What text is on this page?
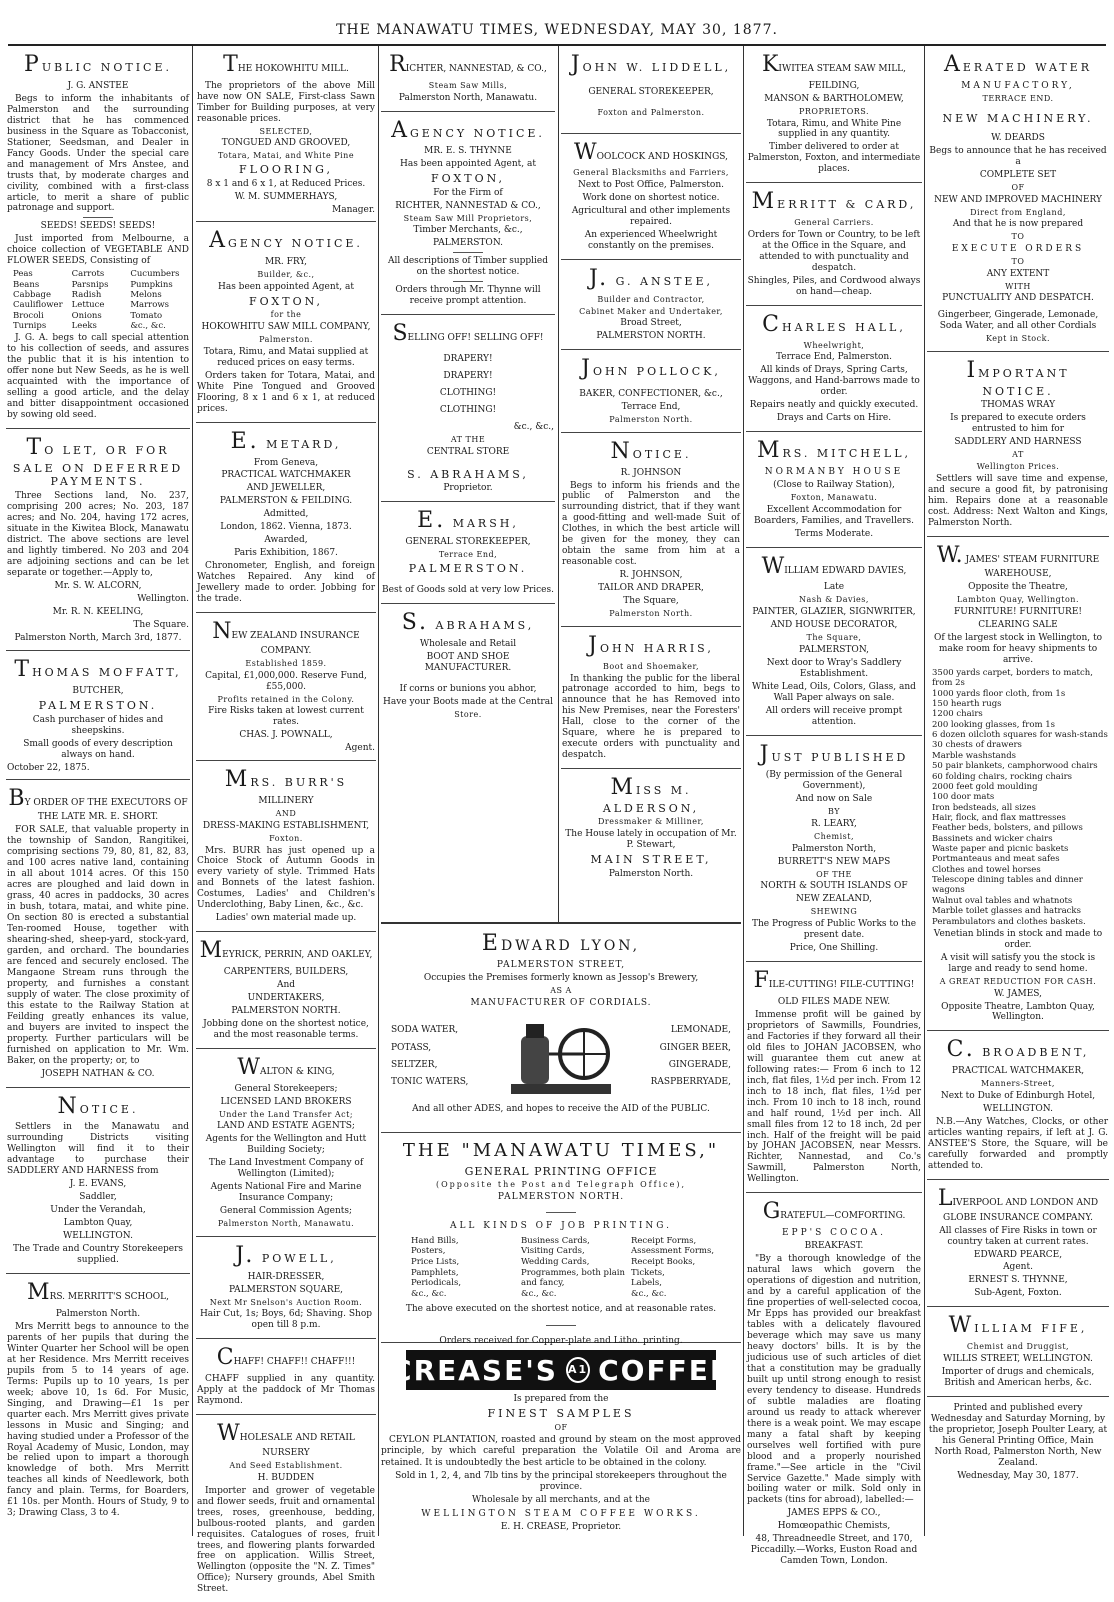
THE MANAWATU TIMES, WEDNESDAY, MAY 30, 1877.
PUBLIC NOTICE.
J. G. ANSTEE

Begs to inform the inhabitants of Palmerston and the surrounding district that he has commenced business in the Square as Tobacconist, Stationer, Seedsman, and Dealer in Fancy Goods. Under the special care and management of Mrs Anstee, and trusts that, by moderate charges and civility, combined with a first-class article, to merit a share of public patronage and support.

SEEDS! SEEDS! SEEDS!

Just imported from Melbourne, a choice collection of VEGETABLE AND FLOWER SEEDS, Consisting of

Peas	Carrots	Cucumbers
Beans	Parsnips	Pumpkins
Cabbage	Radish	Melons
Cauliflower	Lettuce	Marrows
Brocoli	Onions	Tomato
Turnips	Leeks	&c., &c.

J. G. A. begs to call special attention to his collection of seeds, and assures the public that it is his intention to offer none but New Seeds, as he is well acquainted with the importance of selling a good article, and the delay and bitter disappointment occasioned by sowing old seed.

TO LET, OR FOR SALE ON DEFERRED PAYMENTS.

Three Sections land, No. 237, comprising 200 acres; No. 203, 187 acres; and No. 204, having 172 acres, situate in the Kiwitea Block, Manawatu district. The above sections are level and lightly timbered. No 203 and 204 are adjoining sections and can be let separate or together.—Apply to,

Mr. S. W. ALCORN,
Wellington.
Mr. R. N. KEELING,
The Square.
Palmerston North, March 3rd, 1877.
THOMAS MOFFATT,
BUTCHER,
PALMERSTON.
Cash purchaser of hides and sheepskins.
Small goods of every description always on hand.
October 22, 1875.
BY ORDER OF THE EXECUTORS OF THE LATE MR. E. SHORT.

FOR SALE, that valuable property in the township of Sandon, Rangitikei, comprising sections 79, 80, 81, 82, 83, and 100 acres native land, containing in all about 1014 acres. Of this 150 acres are ploughed and laid down in grass, 40 acres in paddocks, 30 acres in bush, totara, matai, and white pine. On section 80 is erected a substantial Ten-roomed House, together with shearing-shed, sheep-yard, stock-yard, garden, and orchard. The boundaries are fenced and securely enclosed. The Mangaone Stream runs through the property, and furnishes a constant supply of water. The close proximity of this estate to the Railway Station at Feilding greatly enhances its value, and buyers are invited to inspect the property. Further particulars will be furnished on application to Mr. Wm. Baker, on the property; or, to

JOSEPH NATHAN & CO.
NOTICE.

Settlers in the Manawatu and surrounding Districts visiting Wellington will find it to their advantage to purchase their SADDLERY AND HARNESS from

J. E. EVANS,
Saddler,
Under the Verandah,
Lambton Quay,
WELLINGTON.
The Trade and Country Storekeepers supplied.
MRS. MERRITT'S SCHOOL,
Palmerston North.

Mrs Merritt begs to announce to the parents of her pupils that during the Winter Quarter her School will be open at her Residence. Mrs Merritt receives pupils from 5 to 14 years of age. Terms: Pupils up to 10 years, 1s per week; above 10, 1s 6d. For Music, Singing, and Drawing—£1 1s per quarter each. Mrs Merritt gives private lessons in Music and Singing; and having studied under a Professor of the Royal Academy of Music, London, may be relied upon to impart a thorough knowledge of both. Mrs Merritt teaches all kinds of Needlework, both fancy and plain. Terms, for Boarders, £1 10s. per Month. Hours of Study, 9 to 3; Drawing Class, 3 to 4.

THE HOKOWHITU MILL.

The proprietors of the above Mill have now ON SALE, First-class Sawn Timber for Building purposes, at very reasonable prices.

SELECTED,
TONGUED AND GROOVED,
Totara, Matai, and White Pine
FLOORING,
8 x 1 and 6 x 1, at Reduced Prices.
W. M. SUMMERHAYS,
Manager.
AGENCY NOTICE.
MR. FRY,
Builder, &c.,
Has been appointed Agent, at
FOXTON,
for the
HOKOWHITU SAW MILL COMPANY,
Palmerston.
Totara, Rimu, and Matai supplied at reduced prices on easy terms.

Orders taken for Totara, Matai, and White Pine Tongued and Grooved Flooring, 8 x 1 and 6 x 1, at reduced prices.

E. METARD,
From Geneva,
PRACTICAL WATCHMAKER
AND JEWELLER,
PALMERSTON & FEILDING.
Admitted,
London, 1862. Vienna, 1873.
Awarded,
Paris Exhibition, 1867.

Chronometer, English, and foreign Watches Repaired. Any kind of Jewellery made to order. Jobbing for the trade.

NEW ZEALAND INSURANCE COMPANY.
Established 1859.
Capital, £1,000,000. Reserve Fund, £55,000.
Profits retained in the Colony.
Fire Risks taken at lowest current rates.
CHAS. J. POWNALL,
Agent.
MRS. BURR'S
MILLINERY
AND
DRESS-MAKING ESTABLISHMENT,
Foxton.

Mrs. BURR has just opened up a Choice Stock of Autumn Goods in every variety of style. Trimmed Hats and Bonnets of the latest fashion. Costumes, Ladies' and Children's Underclothing, Baby Linen, &c., &c.

Ladies' own material made up.
MEYRICK, PERRIN, AND OAKLEY,
CARPENTERS, BUILDERS,
And
UNDERTAKERS,
PALMERSTON NORTH.
Jobbing done on the shortest notice, and the most reasonable terms.
WALTON & KING,
General Storekeepers;
LICENSED LAND BROKERS
Under the Land Transfer Act;
LAND AND ESTATE AGENTS;
Agents for the Wellington and Hutt Building Society;
The Land Investment Company of Wellington (Limited);
Agents National Fire and Marine Insurance Company;
General Commission Agents;
Palmerston North, Manawatu.
J. POWELL,
HAIR-DRESSER,
PALMERSTON SQUARE,
Next Mr Snelson's Auction Room.
Hair Cut, 1s; Boys, 6d; Shaving. Shop open till 8 p.m.
CHAFF! CHAFF!! CHAFF!!!

CHAFF supplied in any quantity. Apply at the paddock of Mr Thomas Raymond.

WHOLESALE AND RETAIL NURSERY
And Seed Establishment.
H. BUDDEN

Importer and grower of vegetable and flower seeds, fruit and ornamental trees, roses, greenhouse, bedding, bulbous-rooted plants, and garden requisites. Catalogues of roses, fruit trees, and flowering plants forwarded free on application. Willis Street, Wellington (opposite the "N. Z. Times" Office); Nursery grounds, Abel Smith Street.

RICHTER, NANNESTAD, & CO.,
Steam Saw Mills,
Palmerston North, Manawatu.
AGENCY NOTICE.
MR. E. S. THYNNE
Has been appointed Agent, at
FOXTON,
For the Firm of
RICHTER, NANNESTAD & CO.,
Steam Saw Mill Proprietors,
Timber Merchants, &c.,
PALMERSTON.
All descriptions of Timber supplied on the shortest notice.
Orders through Mr. Thynne will receive prompt attention.
SELLING OFF! SELLING OFF!
DRAPERY!
DRAPERY!
CLOTHING!
CLOTHING!
&c., &c.,
AT THE
CENTRAL STORE
S. ABRAHAMS,
Proprietor.
E. MARSH,
GENERAL STOREKEEPER,
Terrace End,
PALMERSTON.
Best of Goods sold at very low Prices.
S. ABRAHAMS,
Wholesale and Retail
BOOT AND SHOE MANUFACTURER.
If corns or bunions you abhor,
Have your Boots made at the Central
Store.
JOHN W. LIDDELL,
GENERAL STOREKEEPER,
Foxton and Palmerston.
WOOLCOCK AND HOSKINGS,
General Blacksmiths and Farriers,
Next to Post Office, Palmerston.
Work done on shortest notice.
Agricultural and other implements repaired.
An experienced Wheelwright constantly on the premises.
J. G. ANSTEE,
Builder and Contractor,
Cabinet Maker and Undertaker,
Broad Street,
PALMERSTON NORTH.
JOHN POLLOCK,
BAKER, CONFECTIONER, &c.,
Terrace End,
Palmerston North.
NOTICE.
R. JOHNSON

Begs to inform his friends and the public of Palmerston and the surrounding district, that if they want a good-fitting and well-made Suit of Clothes, in which the best article will be given for the money, they can obtain the same from him at a reasonable cost.

R. JOHNSON,
TAILOR AND DRAPER,
The Square,
Palmerston North.
JOHN HARRIS,
Boot and Shoemaker,

In thanking the public for the liberal patronage accorded to him, begs to announce that he has Removed into his New Premises, near the Foresters' Hall, close to the corner of the Square, where he is prepared to execute orders with punctuality and despatch.

MISS M. ALDERSON,
Dressmaker & Milliner,
The House lately in occupation of Mr. P. Stewart,
MAIN STREET,
Palmerston North.
EDWARD LYON,
PALMERSTON STREET,
Occupies the Premises formerly known as Jessop's Brewery,
AS A
MANUFACTURER OF CORDIALS.
SODA WATER,
POTASS,
SELTZER,
TONIC WATERS,
LEMONADE,
GINGER BEER,
GINGERADE,
RASPBERRYADE,
And all other ADES, and hopes to receive the AID of the PUBLIC.
THE "MANAWATU TIMES,"
GENERAL PRINTING OFFICE
(Opposite the Post and Telegraph Office),
PALMERSTON NORTH.
ALL KINDS OF JOB PRINTING.
Hand Bills,	Business Cards,	Receipt Forms,
Posters,	Visiting Cards,	Assessment Forms,
Price Lists,	Wedding Cards,	Receipt Books,
Pamphlets,	Programmes, both plain Tickets,
Periodicals,	and fancy,	Labels,
&c., &c.	&c., &c.	&c., &c.
The above executed on the shortest notice, and at reasonable rates.
Orders received for Copper-plate and Litho. printing.
CREASE'S A1 COFFEE
Is prepared from the
FINEST SAMPLES
OF

CEYLON PLANTATION, roasted and ground by steam on the most approved principle, by which careful preparation the Volatile Oil and Aroma are retained. It is undoubtedly the best article to be obtained in the colony.

Sold in 1, 2, 4, and 7lb tins by the principal storekeepers throughout the province.
Wholesale by all merchants, and at the
WELLINGTON STEAM COFFEE WORKS.
E. H. CREASE, Proprietor.
KIWITEA STEAM SAW MILL,
FEILDING,
MANSON & BARTHOLOMEW,
PROPRIETORS.
Totara, Rimu, and White Pine supplied in any quantity.
Timber delivered to order at Palmerston, Foxton, and intermediate places.
MERRITT & CARD,
General Carriers.
Orders for Town or Country, to be left at the Office in the Square, and attended to with punctuality and despatch.
Shingles, Piles, and Cordwood always on hand—cheap.
CHARLES HALL,
Wheelwright,
Terrace End, Palmerston.
All kinds of Drays, Spring Carts, Waggons, and Hand-barrows made to order.
Repairs neatly and quickly executed.
Drays and Carts on Hire.
MRS. MITCHELL,
NORMANBY HOUSE
(Close to Railway Station),
Foxton, Manawatu.
Excellent Accommodation for Boarders, Families, and Travellers.
Terms Moderate.
WILLIAM EDWARD DAVIES,
Late
Nash & Davies,
PAINTER, GLAZIER, SIGNWRITER,
AND HOUSE DECORATOR,
The Square,
PALMERSTON,
Next door to Wray's Saddlery Establishment.
White Lead, Oils, Colors, Glass, and Wall Paper always on sale.
All orders will receive prompt attention.
JUST PUBLISHED
(By permission of the General Government),
And now on Sale
BY
R. LEARY,
Chemist,
Palmerston North,
BURRETT'S NEW MAPS
OF THE
NORTH & SOUTH ISLANDS OF
NEW ZEALAND,
SHEWING
The Progress of Public Works to the present date.
Price, One Shilling.
FILE-CUTTING! FILE-CUTTING!
OLD FILES MADE NEW.

Immense profit will be gained by proprietors of Sawmills, Foundries, and Factories if they forward all their old files to JOHAN JACOBSEN, who will guarantee them cut anew at following rates:— From 6 inch to 12 inch, flat files, 1½d per inch. From 12 inch to 18 inch, flat files, 1½d per inch. From 10 inch to 18 inch, round and half round, 1½d per inch. All small files from 12 to 18 inch, 2d per inch. Half of the freight will be paid by JOHAN JACOBSEN, near Messrs. Richter, Nannestad, and Co.'s Sawmill, Palmerston North, Wellington.

GRATEFUL—COMFORTING.
EPP'S COCOA.
BREAKFAST.

"By a thorough knowledge of the natural laws which govern the operations of digestion and nutrition, and by a careful application of the fine properties of well-selected cocoa, Mr Epps has provided our breakfast tables with a delicately flavoured beverage which may save us many heavy doctors' bills. It is by the judicious use of such articles of diet that a constitution may be gradually built up until strong enough to resist every tendency to disease. Hundreds of subtle maladies are floating around us ready to attack wherever there is a weak point. We may escape many a fatal shaft by keeping ourselves well fortified with pure blood and a properly nourished frame."—See article in the "Civil Service Gazette." Made simply with boiling water or milk. Sold only in packets (tins for abroad), labelled:—

JAMES EPPS & CO.,
Homœopathic Chemists,
48, Threadneedle Street, and 170, Piccadilly.—Works, Euston Road and Camden Town, London.
AERATED WATER
MANUFACTORY,
TERRACE END.
NEW MACHINERY.
W. DEARDS
Begs to announce that he has received a
COMPLETE SET
OF
NEW AND IMPROVED MACHINERY
Direct from England,
And that he is now prepared
TO
EXECUTE ORDERS
TO
ANY EXTENT
WITH
PUNCTUALITY AND DESPATCH.
Gingerbeer, Gingerade, Lemonade, Soda Water, and all other Cordials
Kept in Stock.
IMPORTANT NOTICE.
THOMAS WRAY
Is prepared to execute orders entrusted to him for
SADDLERY AND HARNESS
AT
Wellington Prices.

Settlers will save time and expense, and secure a good fit, by patronising him. Repairs done at a reasonable cost. Address: Next Walton and Kings, Palmerston North.

W. JAMES' STEAM FURNITURE WAREHOUSE,
Opposite the Theatre,
Lambton Quay, Wellington.
FURNITURE! FURNITURE!
CLEARING SALE
Of the largest stock in Wellington, to make room for heavy shipments to arrive.
3500 yards carpet, borders to match, from 2s
1000 yards floor cloth, from 1s
150 hearth rugs
1200 chairs
200 looking glasses, from 1s
6 dozen oilcloth squares for wash-stands
30 chests of drawers
Marble washstands
50 pair blankets, camphorwood chairs
60 folding chairs, rocking chairs
2000 feet gold moulding
100 door mats
Iron bedsteads, all sizes
Hair, flock, and flax mattresses
Feather beds, bolsters, and pillows
Bassinets and wicker chairs
Waste paper and picnic baskets
Portmanteaus and meat safes
Clothes and towel horses
Telescope dining tables and dinner wagons
Walnut oval tables and whatnots
Marble toilet glasses and hatracks
Perambulators and clothes baskets.
Venetian blinds in stock and made to order.
A visit will satisfy you the stock is large and ready to send home.
A GREAT REDUCTION FOR CASH.
W. JAMES,
Opposite Theatre, Lambton Quay, Wellington.
C. BROADBENT,
PRACTICAL WATCHMAKER,
Manners-Street,
Next to Duke of Edinburgh Hotel,
WELLINGTON.

N.B.—Any Watches, Clocks, or other articles wanting repairs, if left at J. G. ANSTEE'S Store, the Square, will be carefully forwarded and promptly attended to.

LIVERPOOL AND LONDON AND GLOBE INSURANCE COMPANY.
All classes of Fire Risks in town or country taken at current rates.
EDWARD PEARCE,
Agent.
ERNEST S. THYNNE,
Sub-Agent, Foxton.
WILLIAM FIFE,
Chemist and Druggist,
WILLIS STREET, WELLINGTON.
Importer of drugs and chemicals, British and American herbs, &c.
Printed and published every Wednesday and Saturday Morning, by the proprietor, Joseph Poulter Leary, at his General Printing Office, Main North Road, Palmerston North, New Zealand.
Wednesday, May 30, 1877.
